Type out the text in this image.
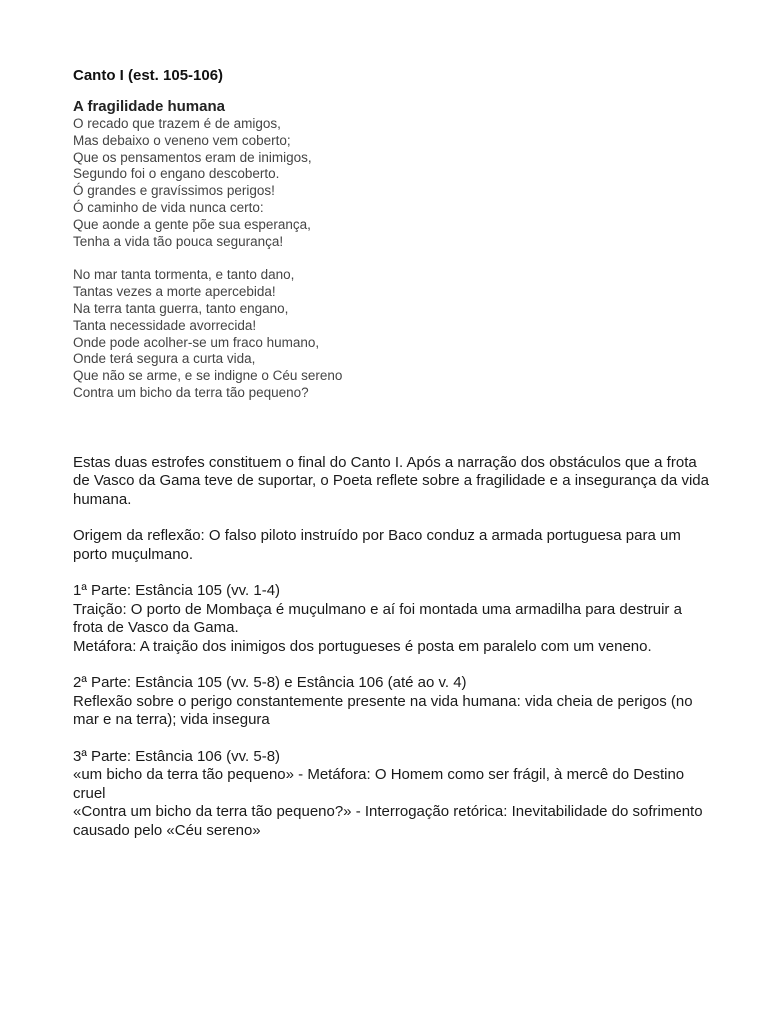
Canto I (est. 105-106)
A fragilidade humana
O recado que trazem é de amigos,
Mas debaixo o veneno vem coberto;
Que os pensamentos eram de inimigos,
Segundo foi o engano descoberto.
Ó grandes e gravíssimos perigos!
Ó caminho de vida nunca certo:
Que aonde a gente põe sua esperança,
Tenha a vida tão pouca segurança!
No mar tanta tormenta, e tanto dano,
Tantas vezes a morte apercebida!
Na terra tanta guerra, tanto engano,
Tanta necessidade avorrecida!
Onde pode acolher-se um fraco humano,
Onde terá segura a curta vida,
Que não se arme, e se indigne o Céu sereno
Contra um bicho da terra tão pequeno?

Estas duas estrofes constituem o final do Canto I. Após a narração dos obstáculos que a frota de Vasco da Gama teve de suportar, o Poeta reflete sobre a fragilidade e a insegurança da vida humana.

Origem da reflexão: O falso piloto instruído por Baco conduz a armada portuguesa para um porto muçulmano.

1ª Parte: Estância 105 (vv. 1-4)

Traição: O porto de Mombaça é muçulmano e aí foi montada uma armadilha para destruir a frota de Vasco da Gama.

Metáfora: A traição dos inimigos dos portugueses é posta em paralelo com um veneno.

2ª Parte: Estância 105 (vv. 5-8) e Estância 106 (até ao v. 4)

Reflexão sobre o perigo constantemente presente na vida humana: vida cheia de perigos (no mar e na terra); vida insegura

3ª Parte: Estância 106 (vv. 5-8)

«um bicho da terra tão pequeno» - Metáfora: O Homem como ser frágil, à mercê do Destino cruel

«Contra um bicho da terra tão pequeno?» - Interrogação retórica: Inevitabilidade do sofrimento causado pelo «Céu sereno»
